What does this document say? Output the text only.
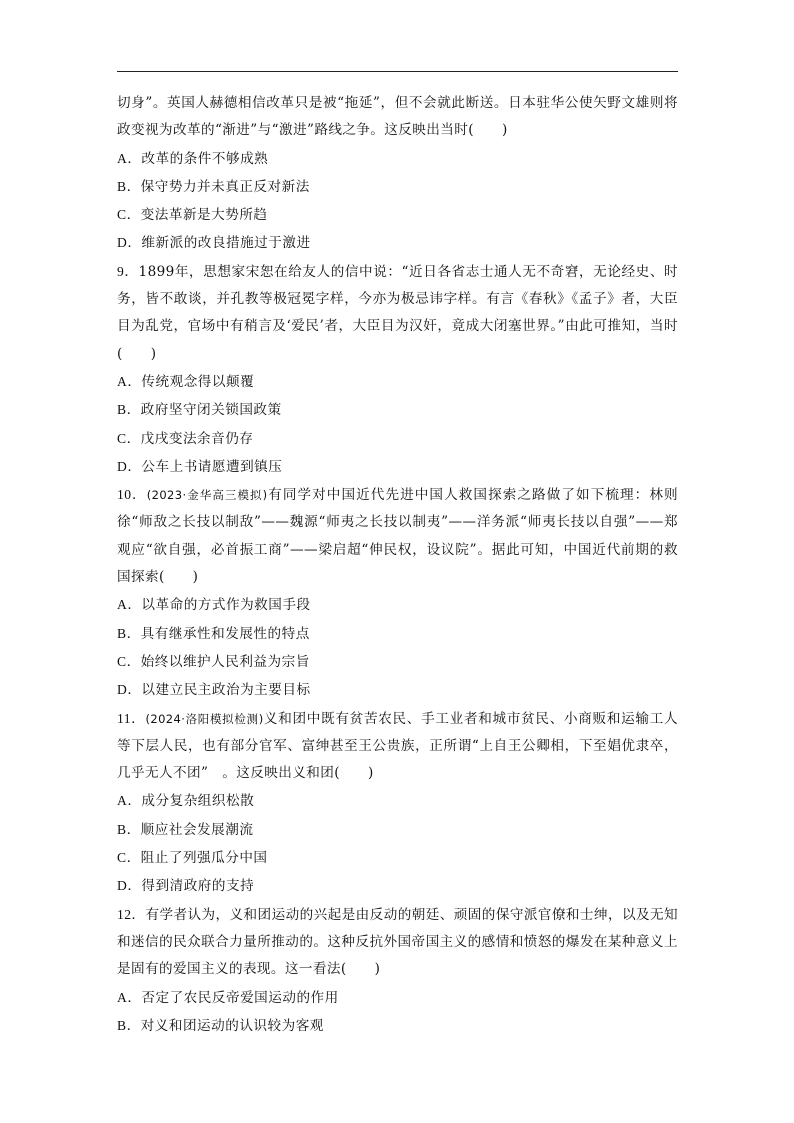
切身”。英国人赫德相信改革只是被“拖延”，但不会就此断送。日本驻华公使矢野文雄则将政变视为改革的“渐进”与“激进”路线之争。这反映出当时(　　)

A．改革的条件不够成熟

B．保守势力并未真正反对新法

C．变法革新是大势所趋

D．维新派的改良措施过于激进

9．1899年，思想家宋恕在给友人的信中说：“近日各省志士通人无不奇窘，无论经史、时务，皆不敢谈，并孔教等极冠冕字样，今亦为极忌讳字样。有言《春秋》《孟子》者，大臣目为乱党，官场中有稍言及‘爱民’者，大臣目为汉奸，竟成大闭塞世界。”由此可推知，当时(　　)

A．传统观念得以颠覆

B．政府坚守闭关锁国政策

C．戊戌变法余音仍存

D．公车上书请愿遭到镇压

10．(2023·金华高三模拟)有同学对中国近代先进中国人救国探索之路做了如下梳理：林则徐“师敌之长技以制敌”——魏源“师夷之长技以制夷”——洋务派“师夷长技以自强”——郑观应“欲自强，必首振工商”——梁启超“伸民权，设议院”。据此可知，中国近代前期的救国探索(　　)

A．以革命的方式作为救国手段

B．具有继承性和发展性的特点

C．始终以维护人民利益为宗旨

D．以建立民主政治为主要目标

11．(2024·洛阳模拟检测)义和团中既有贫苦农民、手工业者和城市贫民、小商贩和运输工人等下层人民，也有部分官军、富绅甚至王公贵族，正所谓“上自王公卿相，下至娼优隶卒，几乎无人不团”　。这反映出义和团(　　)

A．成分复杂组织松散

B．顺应社会发展潮流

C．阻止了列强瓜分中国

D．得到清政府的支持

12．有学者认为，义和团运动的兴起是由反动的朝廷、顽固的保守派官僚和士绅，以及无知和迷信的民众联合力量所推动的。这种反抗外国帝国主义的感情和愤怒的爆发在某种意义上是固有的爱国主义的表现。这一看法(　　)

A．否定了农民反帝爱国运动的作用

B．对义和团运动的认识较为客观
